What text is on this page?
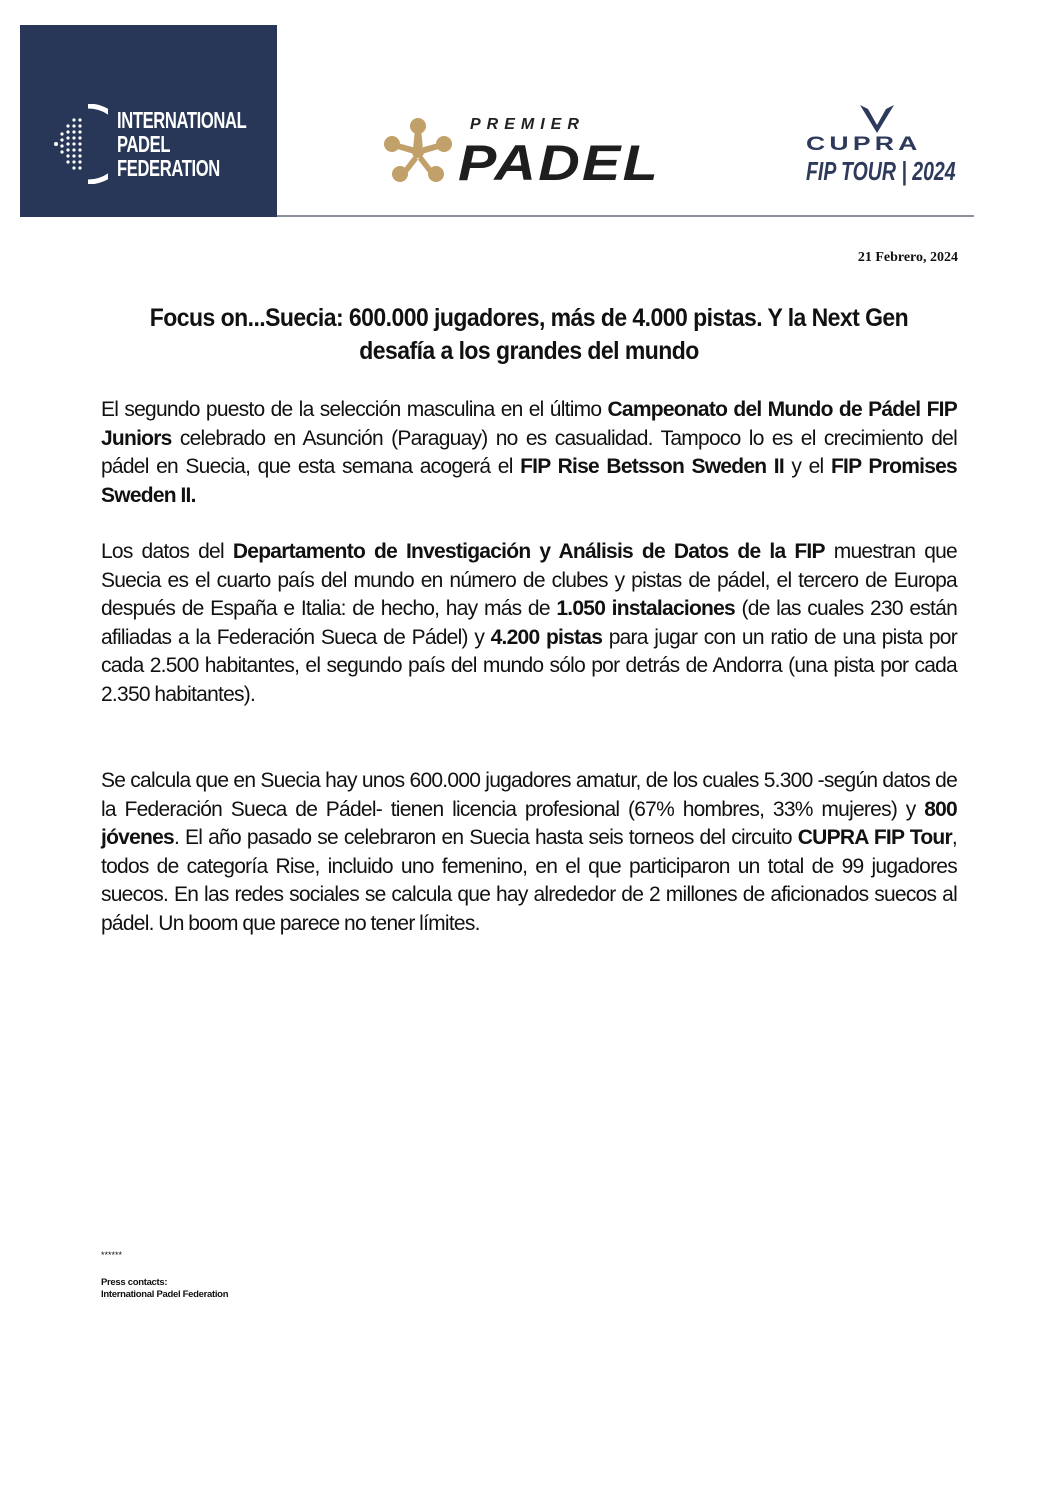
INTERNATIONAL
PADEL
FEDERATION
PREMIER
PADEL	CUPRA
FIP TOUR | 2024
21 Febrero, 2024
Focus on...Suecia: 600.000 jugadores, más de 4.000 pistas. Y la Next Gen desafía a los grandes del mundo
El segundo puesto de la selección masculina en el último Campeonato del Mundo de Pádel FIP Juniors celebrado en Asunción (Paraguay) no es casualidad. Tampoco lo es el crecimiento del pádel en Suecia, que esta semana acogerá el FIP Rise Betsson Sweden II y el FIP Promises Sweden II.
Los datos del Departamento de Investigación y Análisis de Datos de la FIP muestran que Suecia es el cuarto país del mundo en número de clubes y pistas de pádel, el tercero de Europa después de España e Italia: de hecho, hay más de 1.050 instalaciones (de las cuales 230 están afiliadas a la Federación Sueca de Pádel) y 4.200 pistas para jugar con un ratio de una pista por cada 2.500 habitantes, el segundo país del mundo sólo por detrás de Andorra (una pista por cada 2.350 habitantes).
Se calcula que en Suecia hay unos 600.000 jugadores amatur, de los cuales 5.300 -según datos de la Federación Sueca de Pádel- tienen licencia profesional (67% hombres, 33% mujeres) y 800 jóvenes. El año pasado se celebraron en Suecia hasta seis torneos del circuito CUPRA FIP Tour, todos de categoría Rise, incluido uno femenino, en el que participaron un total de 99 jugadores suecos. En las redes sociales se calcula que hay alrededor de 2 millones de aficionados suecos al pádel. Un boom que parece no tener límites.
******
Press contacts:
International Padel Federation
